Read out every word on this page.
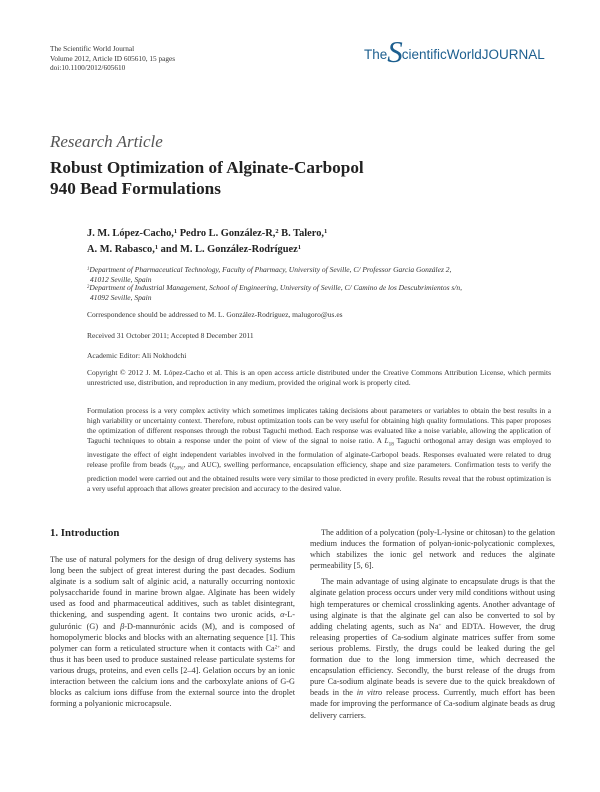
The Scientific World Journal
Volume 2012, Article ID 605610, 15 pages
doi:10.1100/2012/605610
The S cientific World JOURNAL
Research Article
Robust Optimization of Alginate-Carbopol
940 Bead Formulations
J. M. López-Cacho,$^1$ Pedro L. González-R,$^2$ B. Talero,$^1$
A. M. Rabasco,$^1$ and M. L. González-Rodríguez$^1$
$^1$Department of Pharmaceutical Technology, Faculty of Pharmacy, University of Seville, C/ Professor Garcia González 2,
41012 Seville, Spain
$^2$Department of Industrial Management, School of Engineering, University of Seville, C/ Camino de los Descubrimientos s/n,
41092 Seville, Spain
Correspondence should be addressed to M. L. González-Rodríguez, malugoro@us.es
Received 31 October 2011; Accepted 8 December 2011
Academic Editor: Ali Nokhodchi
Copyright © 2012 J. M. López-Cacho et al. This is an open access article distributed under the Creative Commons Attribution License, which permits unrestricted use, distribution, and reproduction in any medium, provided the original work is properly cited.

Formulation process is a very complex activity which sometimes implicates taking decisions about parameters or variables to obtain the best results in a high variability or uncertainty context. Therefore, robust optimization tools can be very useful for obtaining high quality formulations. This paper proposes the optimization of different responses through the robust Taguchi method. Each response was evaluated like a noise variable, allowing the application of Taguchi techniques to obtain a response under the point of view of the signal to noise ratio. A $L_{18}$ Taguchi orthogonal array design was employed to investigate the effect of eight independent variables involved in the formulation of alginate-Carbopol beads. Responses evaluated were related to drug release profile from beads ($t_{50\%}$, and AUC), swelling performance, encapsulation efficiency, shape and size parameters. Confirmation tests to verify the prediction model were carried out and the obtained results were very similar to those predicted in every profile. Results reveal that the robust optimization is a very useful approach that allows greater precision and accuracy to the desired value.

1. Introduction

The use of natural polymers for the design of drug delivery systems has long been the subject of great interest during the past decades. Sodium alginate is a sodium salt of alginic acid, a naturally occurring nontoxic polysaccharide found in marine brown algae. Alginate has been widely used as food and pharmaceutical additives, such as tablet disintegrant, thickening, and suspending agent. It contains two uronic acids, α-L-gulurónic (G) and β-D-mannurónic acids (M), and is composed of homopolymeric blocks and blocks with an alternating sequence [1]. This polymer can form a reticulated structure when it contacts with $Ca^{2+}$ and thus it has been used to produce sustained release particulate systems for various drugs, proteins, and even cells [2–4]. Gelation occurs by an ionic interaction between the calcium ions and the carboxylate anions of G-G blocks as calcium ions diffuse from the external source into the droplet forming a polyanionic microcapsule.

The addition of a polycation (poly-L-lysine or chitosan) to the gelation medium induces the formation of polyan-ionic-polycationic complexes, which stabilizes the ionic gel network and reduces the alginate permeability [5, 6].

The main advantage of using alginate to encapsulate drugs is that the alginate gelation process occurs under very mild conditions without using high temperatures or chemical crosslinking agents. Another advantage of using alginate is that the alginate gel can also be converted to sol by adding chelating agents, such as Na+ and EDTA. However, the drug releasing properties of Ca-sodium alginate matrices suffer from some serious problems. Firstly, the drugs could be leaked during the gel formation due to the long immersion time, which decreased the encapsulation efficiency. Secondly, the burst release of the drugs from pure Ca-sodium alginate beads is severe due to the quick breakdown of beads in the in vitro release process. Currently, much effort has been made for improving the performance of Ca-sodium alginate beads as drug delivery carriers.
